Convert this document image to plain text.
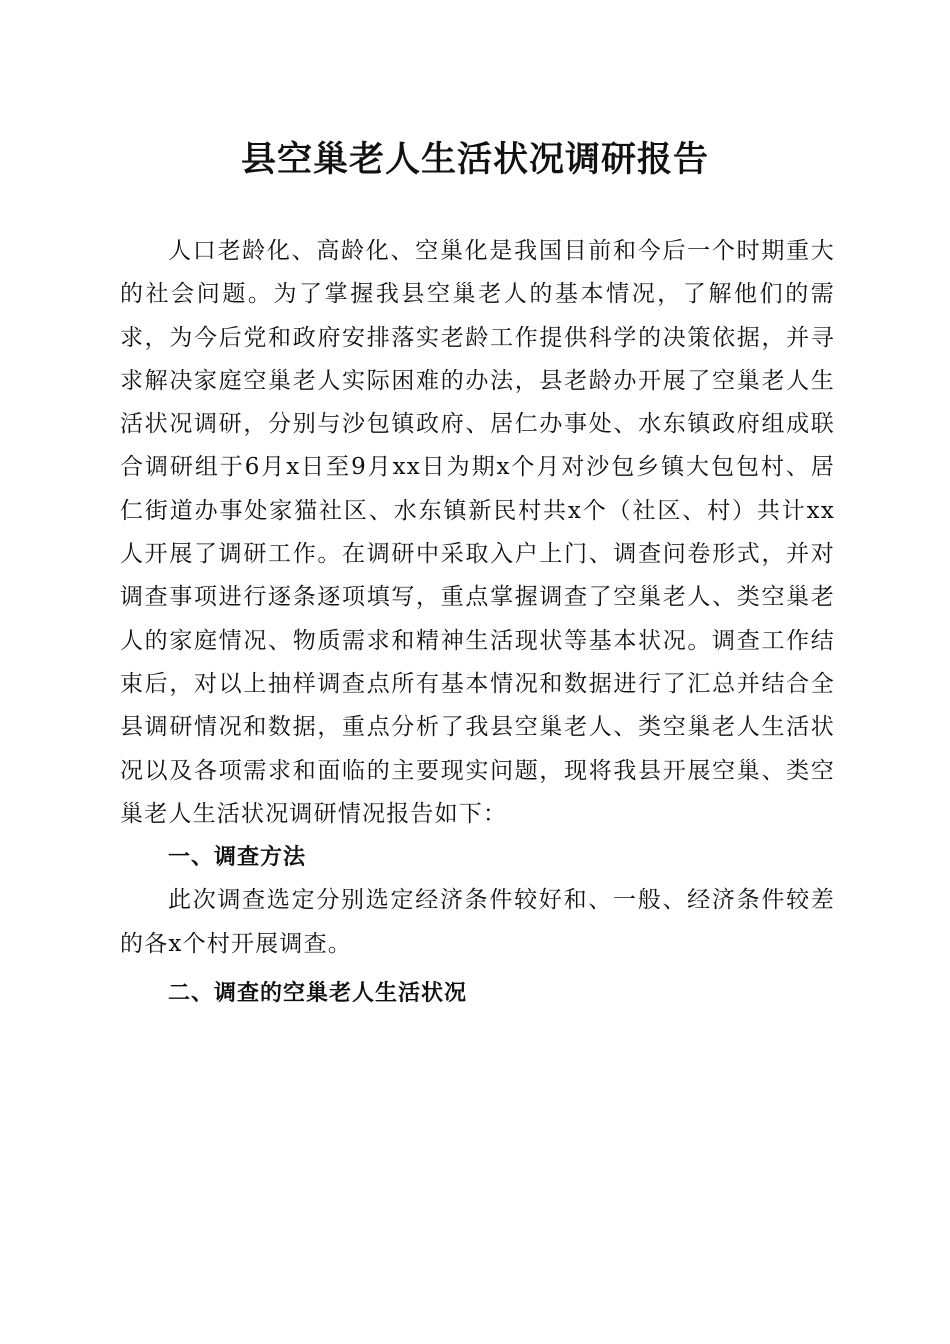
县空巢老人生活状况调研报告

人口老龄化、高龄化、空巢化是我国目前和今后一个时期重大的社会问题。为了掌握我县空巢老人的基本情况，了解他们的需求，为今后党和政府安排落实老龄工作提供科学的决策依据，并寻求解决家庭空巢老人实际困难的办法，县老龄办开展了空巢老人生活状况调研，分别与沙包镇政府、居仁办事处、水东镇政府组成联合调研组于6月x日至9月xx日为期x个月对沙包乡镇大包包村、居仁街道办事处家猫社区、水东镇新民村共x个（社区、村）共计xx人开展了调研工作。在调研中采取入户上门、调查问卷形式，并对调查事项进行逐条逐项填写，重点掌握调查了空巢老人、类空巢老人的家庭情况、物质需求和精神生活现状等基本状况。调查工作结束后，对以上抽样调查点所有基本情况和数据进行了汇总并结合全县调研情况和数据，重点分析了我县空巢老人、类空巢老人生活状况以及各项需求和面临的主要现实问题，现将我县开展空巢、类空巢老人生活状况调研情况报告如下：

一、调查方法

此次调查选定分别选定经济条件较好和、一般、经济条件较差的各x个村开展调查。

二、调查的空巢老人生活状况
